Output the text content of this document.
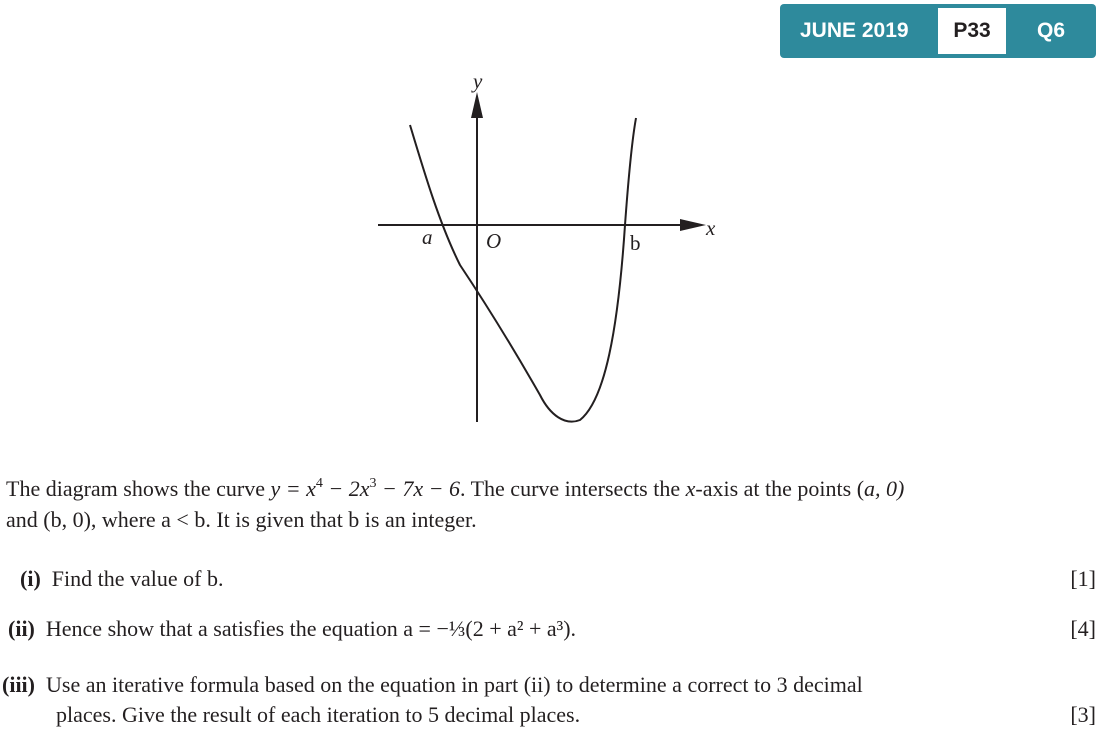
JUNE 2019	P33	Q6
y
x
a	O	b
The diagram shows the curve $y = x^4 - 2x^3 - 7x - 6$. The curve intersects the x-axis at the points (a, 0)
and (b, 0), where a < b. It is given that b is an integer.
(i) Find the value of b.	[1]
(ii) Hence show that a satisfies the equation a = −⅓(2 + a² + a³).	[4]
(iii) Use an iterative formula based on the equation in part (ii) to determine a correct to 3 decimal
places. Give the result of each iteration to 5 decimal places.	[3]
